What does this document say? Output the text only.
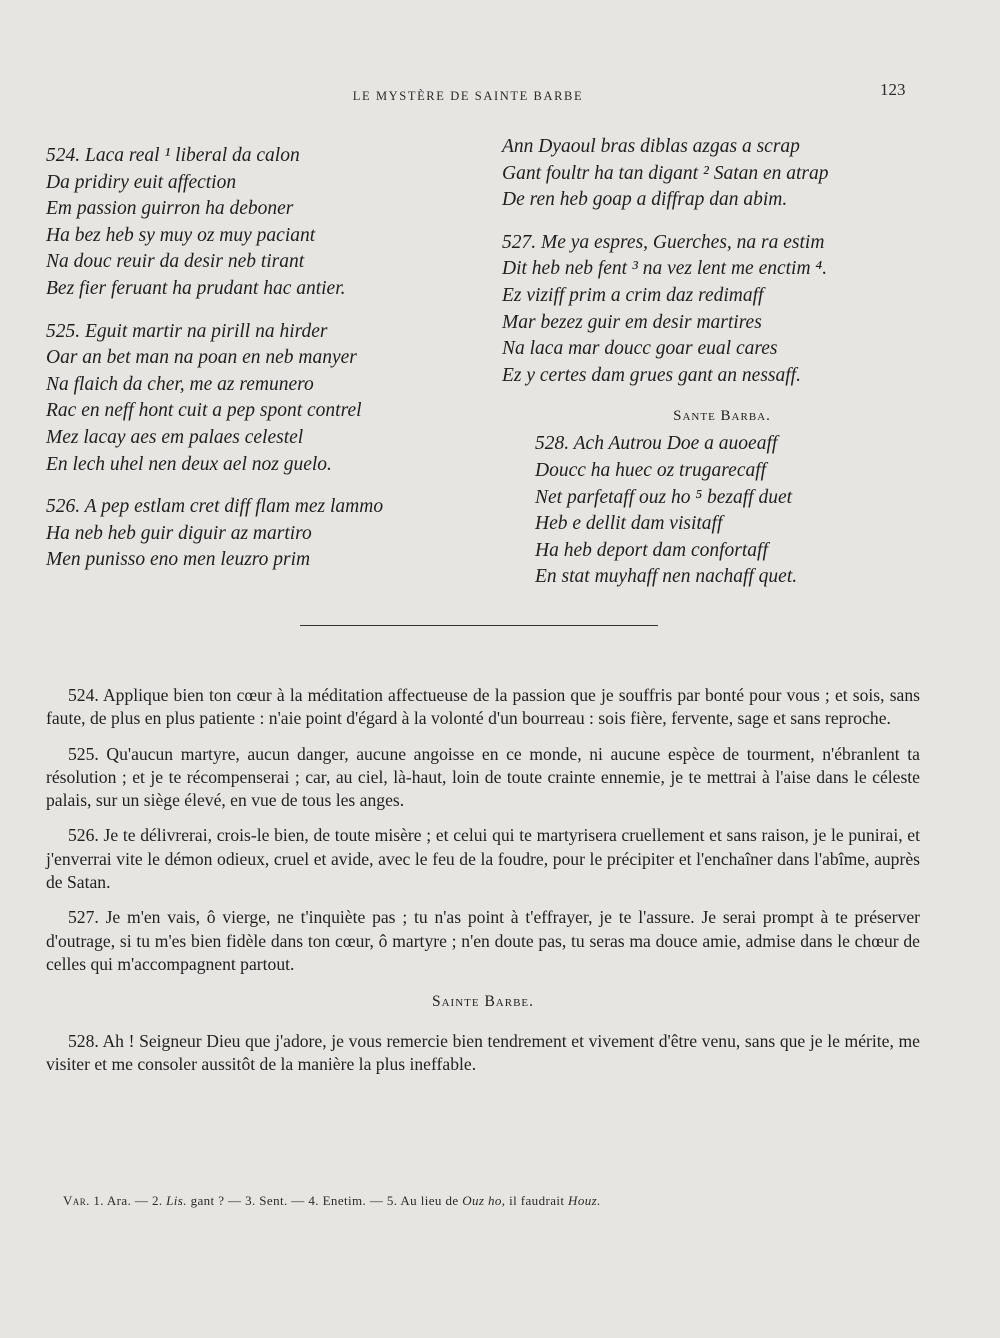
LE MYSTÈRE DE SAINTE BARBE	123
524. Laca real ¹ liberal da calon
Da pridiry euit affection
Em passion guirron ha deboner
Ha bez heb sy muy oz muy paciant
Na douc reuir da desir neb tirant
Bez fier feruant ha prudant hac antier.
525. Eguit martir na pirill na hirder
Oar an bet man na poan en neb manyer
Na flaich da cher, me az remunero
Rac en neff hont cuit a pep spont contrel
Mez lacay aes em palaes celestel
En lech uhel nen deux ael noz guelo.
526. A pep estlam cret diff flam mez lammo
Ha neb heb guir diguir az martiro
Men punisso eno men leuzro prim
Ann Dyaoul bras diblas azgas a scrap
Gant foultr ha tan digant ² Satan en atrap
De ren heb goap a diffrap dan abim.
527. Me ya espres, Guerches, na ra estim
Dit heb neb fent ³ na vez lent me enctim ⁴.
Ez viziff prim a crim daz redimaff
Mar bezez guir em desir martires
Na laca mar doucc goar eual cares
Ez y certes dam grues gant an nessaff.
Sante Barba.
528. Ach Autrou Doe a auoeaff
Doucc ha huec oz trugarecaff
Net parfetaff ouz ho ⁵ bezaff duet
Heb e dellit dam visitaff
Ha heb deport dam confortaff
En stat muyhaff nen nachaff quet.

524. Applique bien ton cœur à la méditation affectueuse de la passion que je souffris par bonté pour vous ; et sois, sans faute, de plus en plus patiente : n'aie point d'égard à la volonté d'un bourreau : sois fière, fervente, sage et sans reproche.

525. Qu'aucun martyre, aucun danger, aucune angoisse en ce monde, ni aucune espèce de tourment, n'ébranlent ta résolution ; et je te récompenserai ; car, au ciel, là-haut, loin de toute crainte ennemie, je te mettrai à l'aise dans le céleste palais, sur un siège élevé, en vue de tous les anges.

526. Je te délivrerai, crois-le bien, de toute misère ; et celui qui te martyrisera cruellement et sans raison, je le punirai, et j'enverrai vite le démon odieux, cruel et avide, avec le feu de la foudre, pour le précipiter et l'enchaîner dans l'abîme, auprès de Satan.

527. Je m'en vais, ô vierge, ne t'inquiète pas ; tu n'as point à t'effrayer, je te l'assure. Je serai prompt à te préserver d'outrage, si tu m'es bien fidèle dans ton cœur, ô martyre ; n'en doute pas, tu seras ma douce amie, admise dans le chœur de celles qui m'accompagnent partout.

Sainte Barbe.

528. Ah ! Seigneur Dieu que j'adore, je vous remercie bien tendrement et vivement d'être venu, sans que je le mérite, me visiter et me consoler aussitôt de la manière la plus ineffable.

Var. 1. Ara. — 2. Lis. gant ? — 3. Sent. — 4. Enetim. — 5. Au lieu de Ouz ho, il faudrait Houz.
